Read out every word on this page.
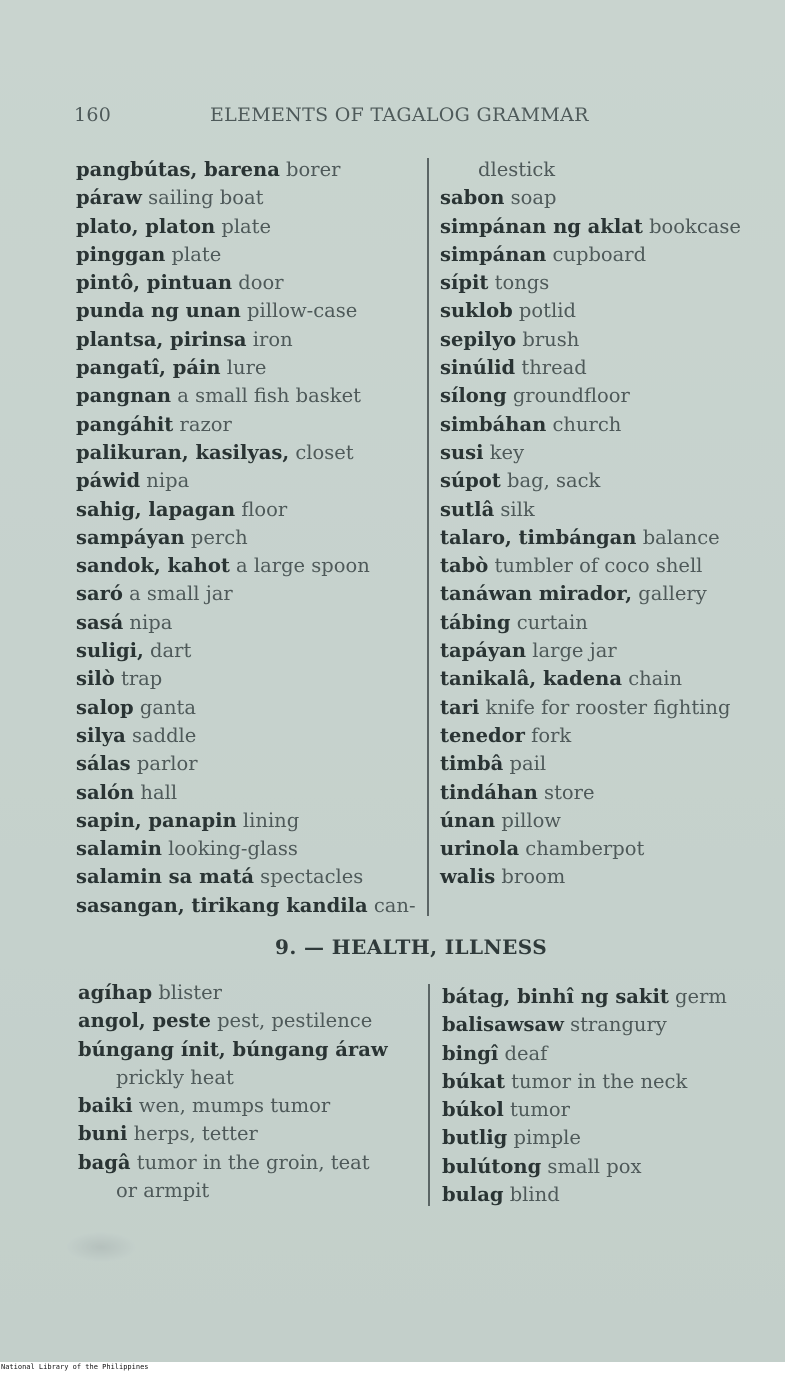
160	ELEMENTS OF TAGALOG GRAMMAR
pangbútas, barena borer
páraw sailing boat
plato, platon plate
pinggan plate
pintô, pintuan door
punda ng unan pillow-case
plantsa, pirinsa iron
pangatî, páin lure
pangnan a small fish basket
pangáhit razor
palikuran, kasilyas, closet
páwid nipa
sahig, lapagan floor
sampáyan perch
sandok, kahot a large spoon
saró a small jar
sasá nipa
suligi, dart
silò trap
salop ganta
silya saddle
sálas parlor
salón hall
sapin, panapin lining
salamin looking-glass
salamin sa matá spectacles
sasangan, tirikang kandila can-
dlestick
sabon soap
simpánan ng aklat bookcase
simpánan cupboard
sípit tongs
suklob potlid
sepilyo brush
sinúlid thread
sílong groundfloor
simbáhan church
susi key
súpot bag, sack
sutlâ silk
talaro, timbángan balance
tabò tumbler of coco shell
tanáwan mirador, gallery
tábing curtain
tapáyan large jar
tanikalâ, kadena chain
tari knife for rooster fighting
tenedor fork
timbâ pail
tindáhan store
únan pillow
urinola chamberpot
walis broom
9. — HEALTH, ILLNESS
agíhap blister
angol, peste pest, pestilence
búngang ínit, búngang áraw
prickly heat
baiki wen, mumps tumor
buni herps, tetter
bagâ tumor in the groin, teat
or armpit
bátag, binhî ng sakit germ
balisawsaw strangury
bingî deaf
búkat tumor in the neck
búkol tumor
butlig pimple
bulútong small pox
bulag blind
National Library of the Philippines
